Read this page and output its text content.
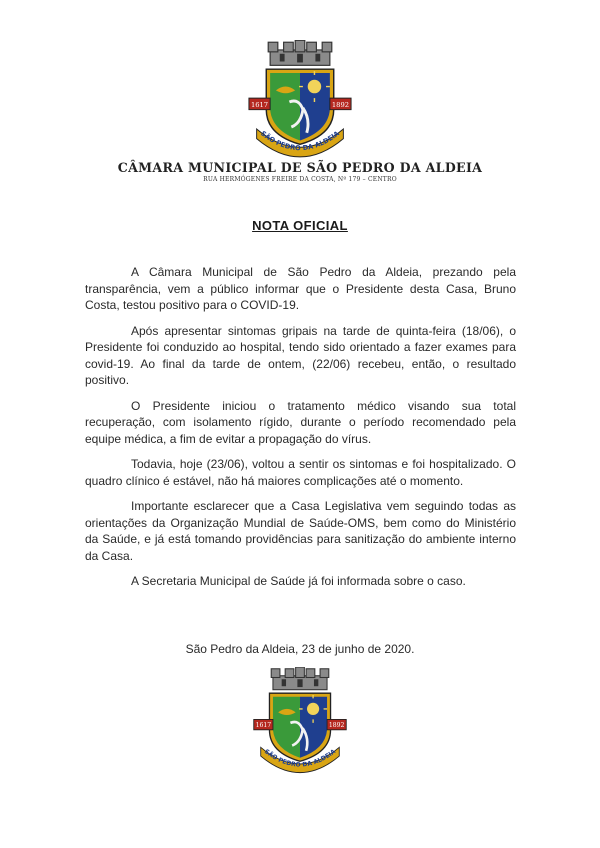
1617	1892
SÃO PEDRO DA ALDEIA
CÂMARA MUNICIPAL DE SÃO PEDRO DA ALDEIA
RUA HERMÓGENES FREIRE DA COSTA, Nº 179 – CENTRO
NOTA OFICIAL

A Câmara Municipal de São Pedro da Aldeia, prezando pela transparência, vem a público informar que o Presidente desta Casa, Bruno Costa, testou positivo para o COVID-19.

Após apresentar sintomas gripais na tarde de quinta-feira (18/06), o Presidente foi conduzido ao hospital, tendo sido orientado a fazer exames para covid-19. Ao final da tarde de ontem, (22/06) recebeu, então, o resultado positivo.

O Presidente iniciou o tratamento médico visando sua total recuperação, com isolamento rígido, durante o período recomendado pela equipe médica, a fim de evitar a propagação do vírus.

Todavia, hoje (23/06), voltou a sentir os sintomas e foi hospitalizado. O quadro clínico é estável, não há maiores complicações até o momento.

Importante esclarecer que a Casa Legislativa vem seguindo todas as orientações da Organização Mundial de Saúde-OMS, bem como do Ministério da Saúde, e já está tomando providências para sanitização do ambiente interno da Casa.

A Secretaria Municipal de Saúde já foi informada sobre o caso.

São Pedro da Aldeia, 23 de junho de 2020.
1617	1892
SÃO PEDRO DA ALDEIA
